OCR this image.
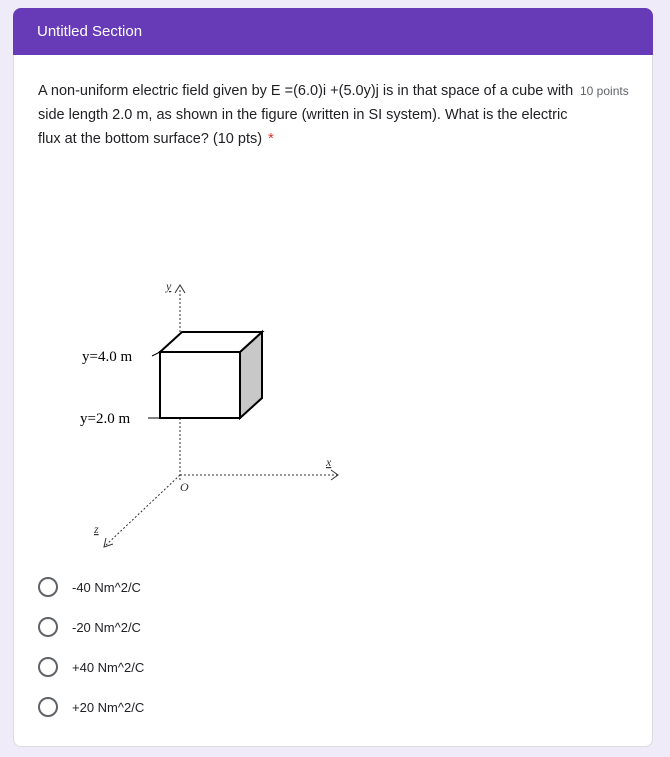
Untitled Section
A non-uniform electric field given by E =(6.0)i +(5.0y)j is in that space of a cube with side length 2.0 m, as shown in the figure (written in SI system). What is the electric flux at the bottom surface? (10 pts) *
10 points
y
x
z
O
y=4.0 m
y=2.0 m
-40 Nm^2/C
-20 Nm^2/C
+40 Nm^2/C
+20 Nm^2/C
